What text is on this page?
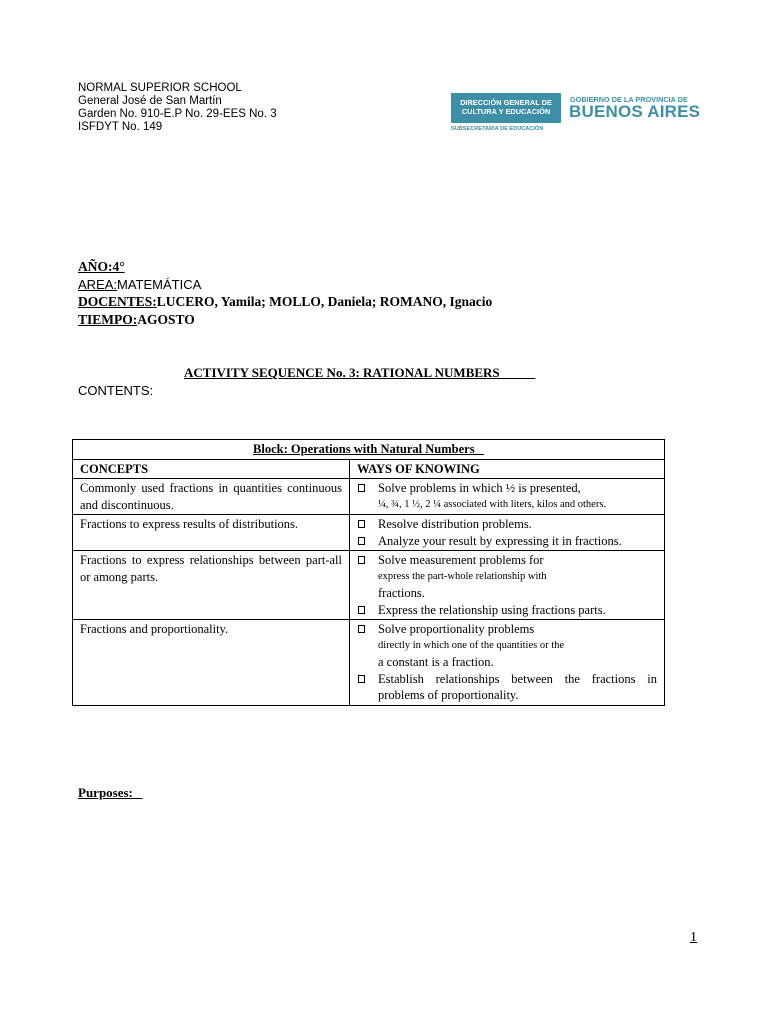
NORMAL SUPERIOR SCHOOL
General José de San Martín
Garden No. 910-E.P No. 29-EES No. 3
ISFDYT No. 149
DIRECCIÓN GENERAL DE CULTURA Y EDUCACIÓN
SUBSECRETARÍA DE EDUCACIÓN
GOBIERNO DE LA PROVINCIA DE
BUENOS AIRES
AÑO:4°
AREA:MATEMÁTICA
DOCENTES:LUCERO, Yamila; MOLLO, Daniela; ROMANO, Ignacio
TIEMPO:AGOSTO
ACTIVITY SEQUENCE No. 3: RATIONAL NUMBERS
CONTENTS:
Block: Operations with Natural Numbers	
CONCEPTS	WAYS OF KNOWING
Commonly used fractions in quantities continuous and discontinuous.	Solve problems in which ½ is presented,
¼, ¾, 1 ½, 2 ¼ associated with liters, kilos and others.

Fractions to express results of distributions.	Resolve distribution problems.
Analyze your result by expressing it in fractions.

Fractions to express relationships between part-all or among parts.	Solve measurement problems for
express the part-whole relationship with
fractions.
Express the relationship using fractions parts.

Fractions and proportionality.	Solve proportionality problems
directly in which one of the quantities or the
a constant is a fraction.
Establish relationships between the fractions in problems of proportionality.
Purposes:
1
